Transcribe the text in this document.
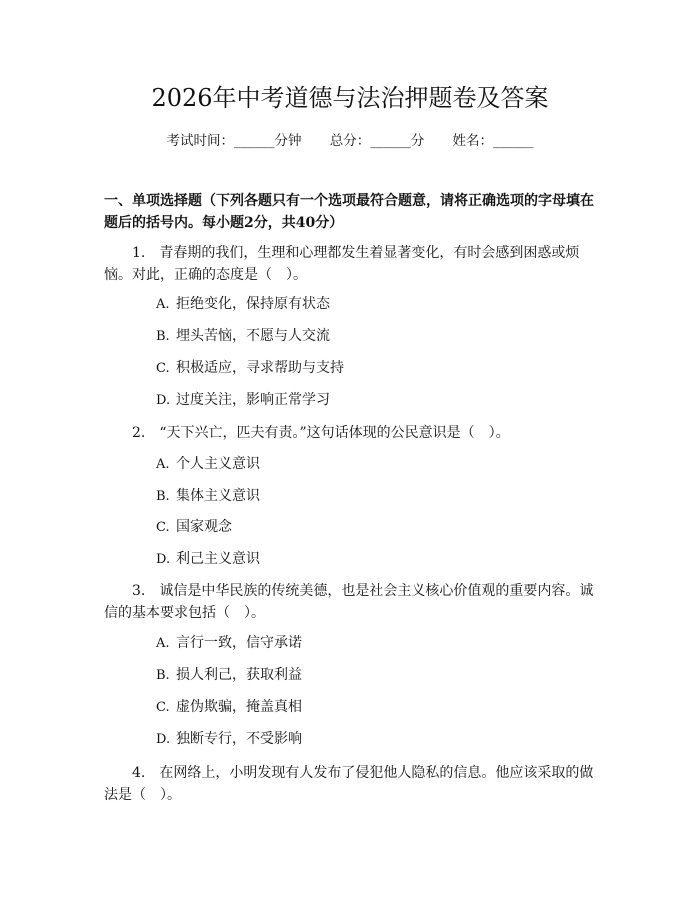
2026年中考道德与法治押题卷及答案
考试时间：______分钟 总分：______分 姓名：______

一、单项选择题（下列各题只有一个选项最符合题意，请将正确选项的字母填在题后的括号内。每小题2分，共40分）

1.　青春期的我们，生理和心理都发生着显著变化，有时会感到困惑或烦恼。对此，正确的态度是（　）。

A. 拒绝变化，保持原有状态

B. 埋头苦恼，不愿与人交流

C. 积极适应，寻求帮助与支持

D. 过度关注，影响正常学习

2.　“天下兴亡，匹夫有责。”这句话体现的公民意识是（　）。

A. 个人主义意识

B. 集体主义意识

C. 国家观念

D. 利己主义意识

3.　诚信是中华民族的传统美德，也是社会主义核心价值观的重要内容。诚信的基本要求包括（　）。

A. 言行一致，信守承诺

B. 损人利己，获取利益

C. 虚伪欺骗，掩盖真相

D. 独断专行，不受影响

4.　在网络上，小明发现有人发布了侵犯他人隐私的信息。他应该采取的做法是（　）。
